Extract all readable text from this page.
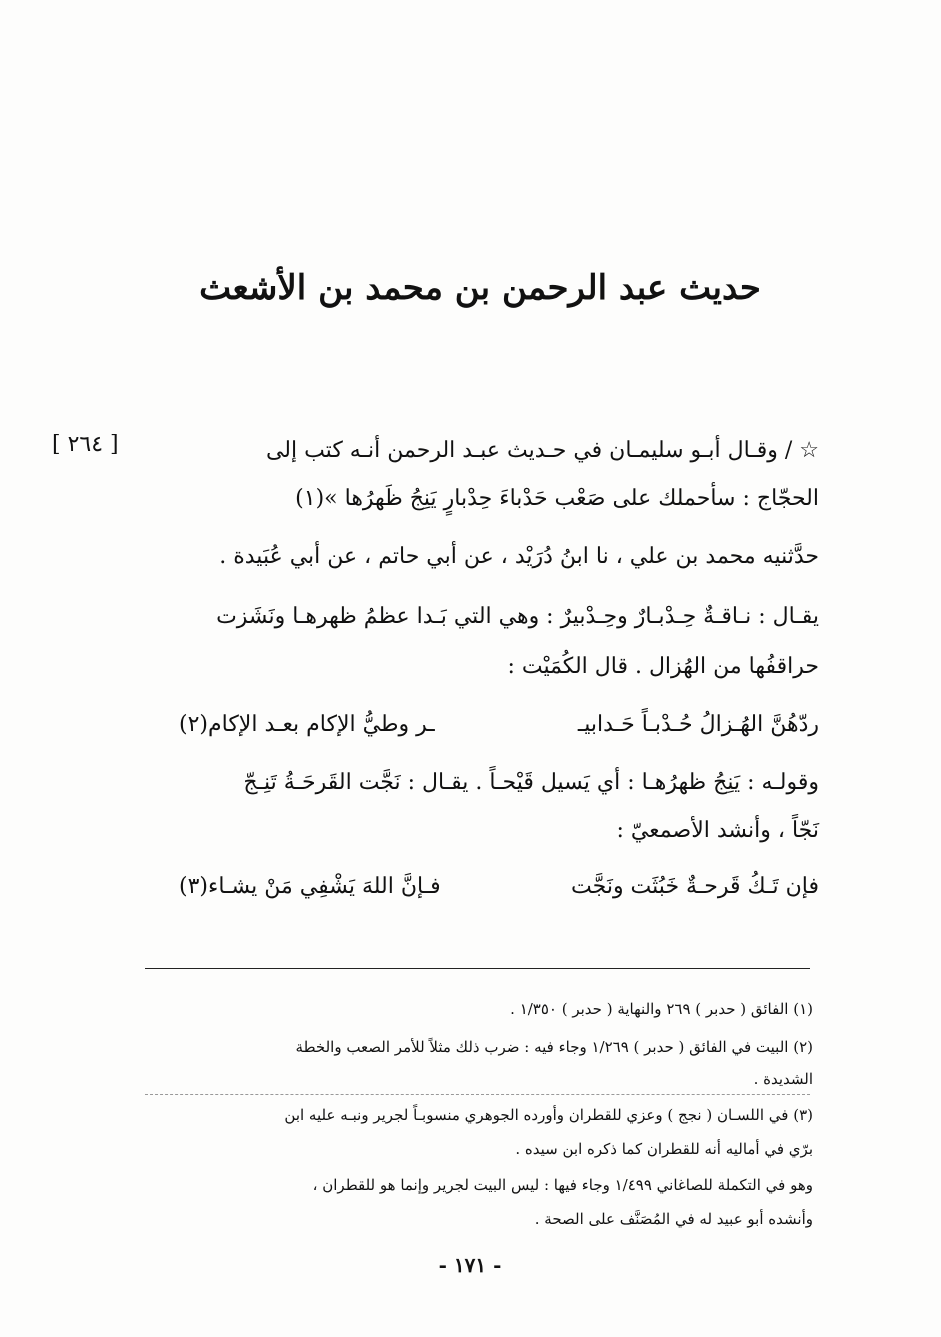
حديث عبد الرحمن بن محمد بن الأشعث
[ ٢٦٤ ]	☆ / وقـال أبـو سليمـان في حـديث عبـد الرحمن أنـه كتب إلى
الحجّاج : سأحملك على صَعْب حَدْباءَ حِدْبارٍ يَنِجُ ظَهرُها »(١)
حدَّثنيه محمد بن علي ، نا ابنُ دُرَيْد ، عن أبي حاتم ، عن أبي عُبَيدة .
يقـال : نـاقـةٌ حِـدْبـارٌ وحِـدْبيرٌ : وهي التي بَـدا عظمُ ظهرهـا ونَشَزت
حراقفُها من الهُزال . قال الكُمَيْت :
ردّهُنَّ الهُـزالُ حُـدْبـاً حَـدابيـ
ـر وطيُّ الإكام بعـد الإكام(٢)
وقولـه : يَنِجُ ظهرُهـا : أي يَسيل قَيْحـاً . يقـال : نَجَّت القَرحَـةُ تَنِـجّ
نَجّاً ، وأنشد الأصمعيّ :
فإن تَـكُ قَرحـةٌ خَبُثَت ونَجَّت
فـإنَّ اللهَ يَشْفِي مَنْ يشـاء(٣)
(١) الفائق ( حدبر ) ٢٦٩ والنهاية ( حدبر ) ١/٣٥٠ .
(٢) البيت في الفائق ( حدبر ) ١/٢٦٩ وجاء فيه : ضرب ذلك مثلاً للأمر الصعب والخطة
الشديدة .
(٣) في اللسـان ( نجج ) وعزي للقطران وأورده الجوهري منسوبـاً لجرير ونبـه عليه ابن
برّي في أماليه أنه للقطران كما ذكره ابن سيده .
وهو في التكملة للصاغاني ١/٤٩٩ وجاء فيها : ليس البيت لجرير وإنما هو للقطران ،
وأنشده أبو عبيد له في المُصَنَّف على الصحة .
- ١٧١ -
